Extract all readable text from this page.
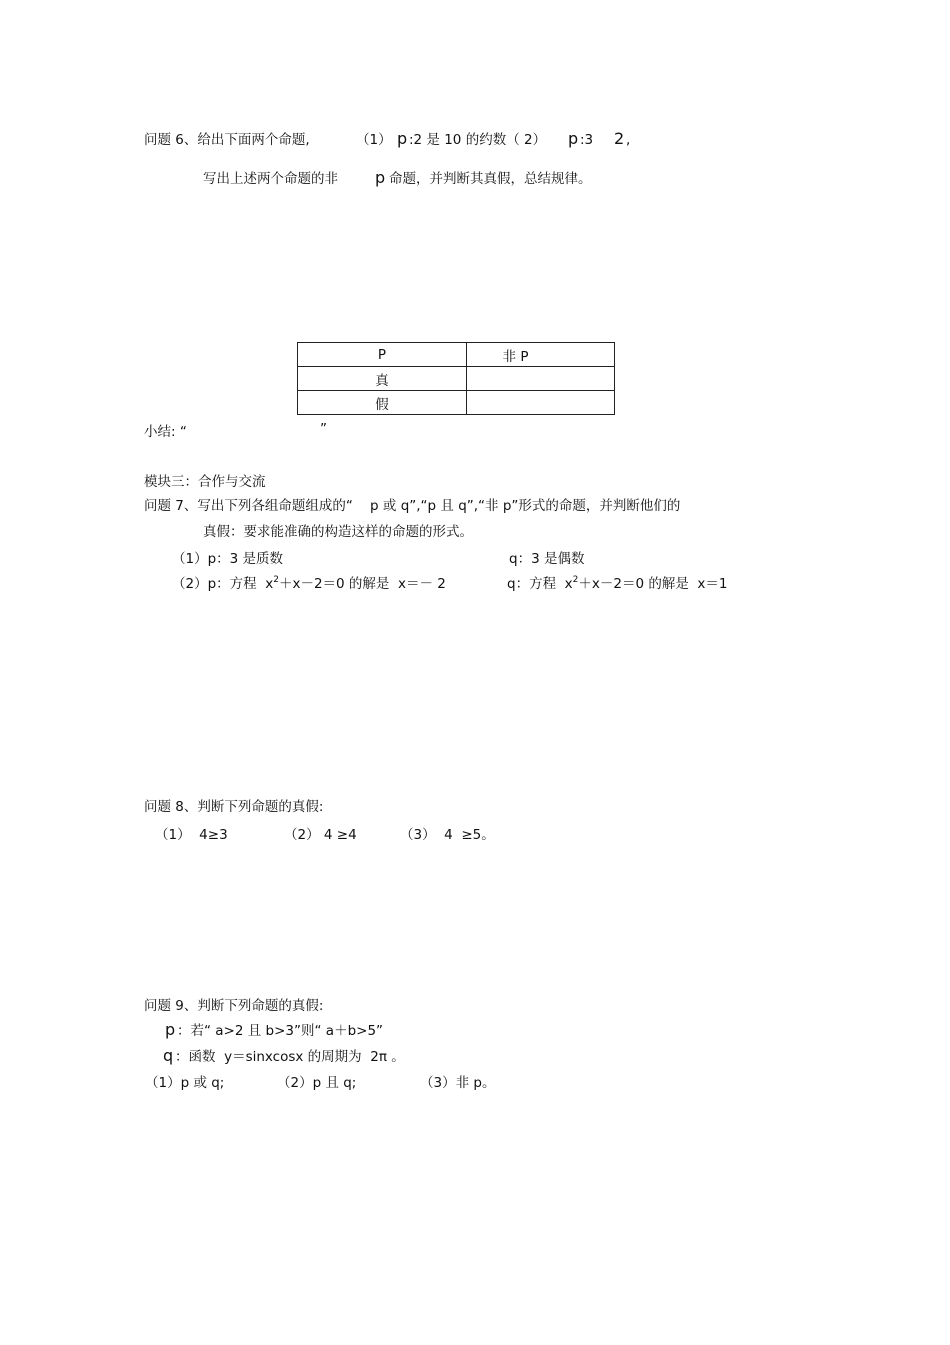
问题 6、给出下面两个命题,	（1） p :2 是 10 的约数（ 2） p :3 2 ,
写出上述两个命题的非 p 命题，并判断其真假，总结规律。
P	非 P
真	
假	
小结: “	”
模块三：合作与交流
问题 7、写出下列各组命题组成的“    p 或 q”,“p 且 q”,“非 p”形式的命题，并判断他们的
真假：要求能准确的构造这样的命题的形式。
（1）p：3 是质数	q：3 是偶数
（2）p：方程  $x^2+x-2=0$ 的解是  x＝－ 2	q：方程  $x^2+x-2=0$ 的解是  x＝1
问题 8、判断下列命题的真假:
（1）  4≥3	（2） 4 ≥4	（3）  4  ≥5。
问题 9、判断下列命题的真假:
p ：若“ a>2 且 b>3”则“ a＋b>5”
q ：函数  y＝sinxcosx 的周期为  2π 。
（1）p 或 q;	（2）p 且 q;	（3）非 p。
